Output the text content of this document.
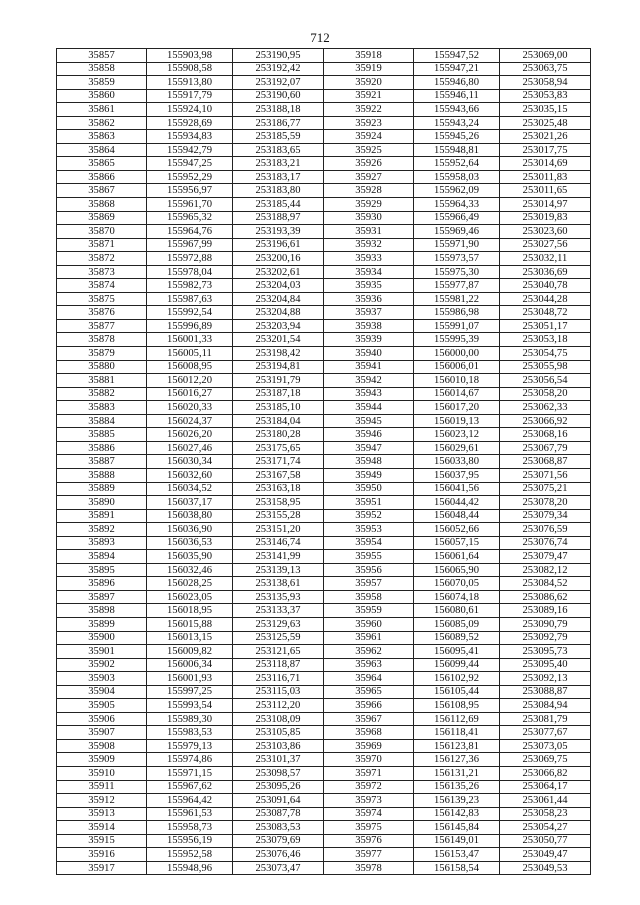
712
35857	155903,98	253190,95	35918	155947,52	253069,00
35858	155908,58	253192,42	35919	155947,21	253063,75
35859	155913,80	253192,07	35920	155946,80	253058,94
35860	155917,79	253190,60	35921	155946,11	253053,83
35861	155924,10	253188,18	35922	155943,66	253035,15
35862	155928,69	253186,77	35923	155943,24	253025,48
35863	155934,83	253185,59	35924	155945,26	253021,26
35864	155942,79	253183,65	35925	155948,81	253017,75
35865	155947,25	253183,21	35926	155952,64	253014,69
35866	155952,29	253183,17	35927	155958,03	253011,83
35867	155956,97	253183,80	35928	155962,09	253011,65
35868	155961,70	253185,44	35929	155964,33	253014,97
35869	155965,32	253188,97	35930	155966,49	253019,83
35870	155964,76	253193,39	35931	155969,46	253023,60
35871	155967,99	253196,61	35932	155971,90	253027,56
35872	155972,88	253200,16	35933	155973,57	253032,11
35873	155978,04	253202,61	35934	155975,30	253036,69
35874	155982,73	253204,03	35935	155977,87	253040,78
35875	155987,63	253204,84	35936	155981,22	253044,28
35876	155992,54	253204,88	35937	155986,98	253048,72
35877	155996,89	253203,94	35938	155991,07	253051,17
35878	156001,33	253201,54	35939	155995,39	253053,18
35879	156005,11	253198,42	35940	156000,00	253054,75
35880	156008,95	253194,81	35941	156006,01	253055,98
35881	156012,20	253191,79	35942	156010,18	253056,54
35882	156016,27	253187,18	35943	156014,67	253058,20
35883	156020,33	253185,10	35944	156017,20	253062,33
35884	156024,37	253184,04	35945	156019,13	253066,92
35885	156026,20	253180,28	35946	156023,12	253068,16
35886	156027,46	253175,65	35947	156029,61	253067,79
35887	156030,34	253171,74	35948	156033,80	253068,87
35888	156032,60	253167,58	35949	156037,95	253071,56
35889	156034,52	253163,18	35950	156041,56	253075,21
35890	156037,17	253158,95	35951	156044,42	253078,20
35891	156038,80	253155,28	35952	156048,44	253079,34
35892	156036,90	253151,20	35953	156052,66	253076,59
35893	156036,53	253146,74	35954	156057,15	253076,74
35894	156035,90	253141,99	35955	156061,64	253079,47
35895	156032,46	253139,13	35956	156065,90	253082,12
35896	156028,25	253138,61	35957	156070,05	253084,52
35897	156023,05	253135,93	35958	156074,18	253086,62
35898	156018,95	253133,37	35959	156080,61	253089,16
35899	156015,88	253129,63	35960	156085,09	253090,79
35900	156013,15	253125,59	35961	156089,52	253092,79
35901	156009,82	253121,65	35962	156095,41	253095,73
35902	156006,34	253118,87	35963	156099,44	253095,40
35903	156001,93	253116,71	35964	156102,92	253092,13
35904	155997,25	253115,03	35965	156105,44	253088,87
35905	155993,54	253112,20	35966	156108,95	253084,94
35906	155989,30	253108,09	35967	156112,69	253081,79
35907	155983,53	253105,85	35968	156118,41	253077,67
35908	155979,13	253103,86	35969	156123,81	253073,05
35909	155974,86	253101,37	35970	156127,36	253069,75
35910	155971,15	253098,57	35971	156131,21	253066,82
35911	155967,62	253095,26	35972	156135,26	253064,17
35912	155964,42	253091,64	35973	156139,23	253061,44
35913	155961,53	253087,78	35974	156142,83	253058,23
35914	155958,73	253083,53	35975	156145,84	253054,27
35915	155956,19	253079,69	35976	156149,01	253050,77
35916	155952,58	253076,46	35977	156153,47	253049,47
35917	155948,96	253073,47	35978	156158,54	253049,53
